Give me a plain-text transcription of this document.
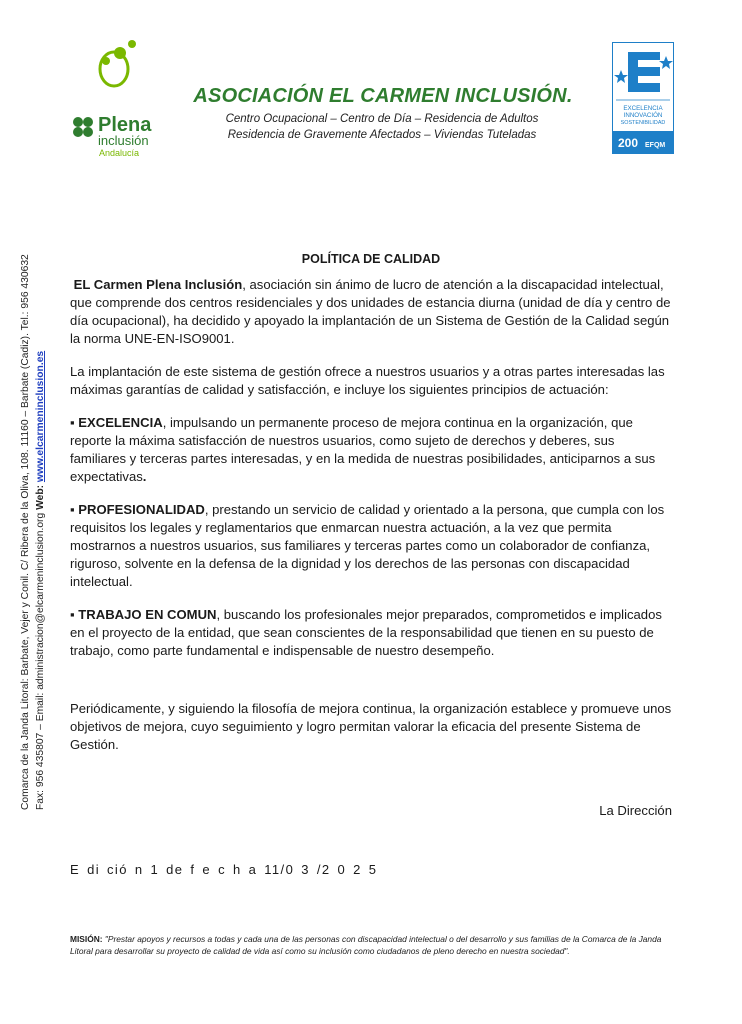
Plena
inclusión
Andalucía
EXCELENCIA
INNOVACIÓN
SOSTENIBILIDAD
200 EFQM
ASOCIACIÓN EL CARMEN INCLUSIÓN.
Centro Ocupacional – Centro de Día – Residencia de Adultos
Residencia de Gravemente Afectados – Viviendas Tuteladas
Comarca de la Janda Litoral: Barbate, Vejer y Conil. C/ Ribera de la Oliva, 108. 11160 – Barbate (Cadiz). Tel.: 956 430632 Fax: 956 435807 – Email: administracion@elcarmeninclusion.org Web: www.elcarmeninclusion.es
POLÍTICA DE CALIDAD

EL Carmen Plena Inclusión, asociación sin ánimo de lucro de atención a la discapacidad intelectual, que comprende dos centros residenciales y dos unidades de estancia diurna (unidad de día y centro de día ocupacional), ha decidido y apoyado la implantación de un Sistema de Gestión de la Calidad según la norma UNE-EN-ISO9001.

La implantación de este sistema de gestión ofrece a nuestros usuarios y a otras partes interesadas las máximas garantías de calidad y satisfacción, e incluye los siguientes principios de actuación:

▪ EXCELENCIA, impulsando un permanente proceso de mejora continua en la organización, que reporte la máxima satisfacción de nuestros usuarios, como sujeto de derechos y deberes, sus familiares y terceras partes interesadas, y en la medida de nuestras posibilidades, anticiparnos a sus expectativas.

▪ PROFESIONALIDAD, prestando un servicio de calidad y orientado a la persona, que cumpla con los requisitos los legales y reglamentarios que enmarcan nuestra actuación, a la vez que permita mostrarnos a nuestros usuarios, sus familiares y terceras partes como un colaborador de confianza, riguroso, solvente en la defensa de la dignidad y los derechos de las personas con discapacidad intelectual.

▪ TRABAJO EN COMUN, buscando los profesionales mejor preparados, comprometidos e implicados en el proyecto de la entidad, que sean conscientes de la responsabilidad que tienen en su puesto de trabajo, como parte fundamental e indispensable de nuestro desempeño.

Periódicamente, y siguiendo la filosofía de mejora continua, la organización establece y promueve unos objetivos de mejora, cuyo seguimiento y logro permitan valorar la eficacia del presente Sistema de Gestión.

La Dirección
E di ció n 1 de f e c h a 11/0 3 /2 0 2 5
MISIÓN: "Prestar apoyos y recursos a todas y cada una de las personas con discapacidad intelectual o del desarrollo y sus familias de la Comarca de la Janda Litoral para desarrollar su proyecto de calidad de vida así como su inclusión como ciudadanos de pleno derecho en nuestra sociedad".
